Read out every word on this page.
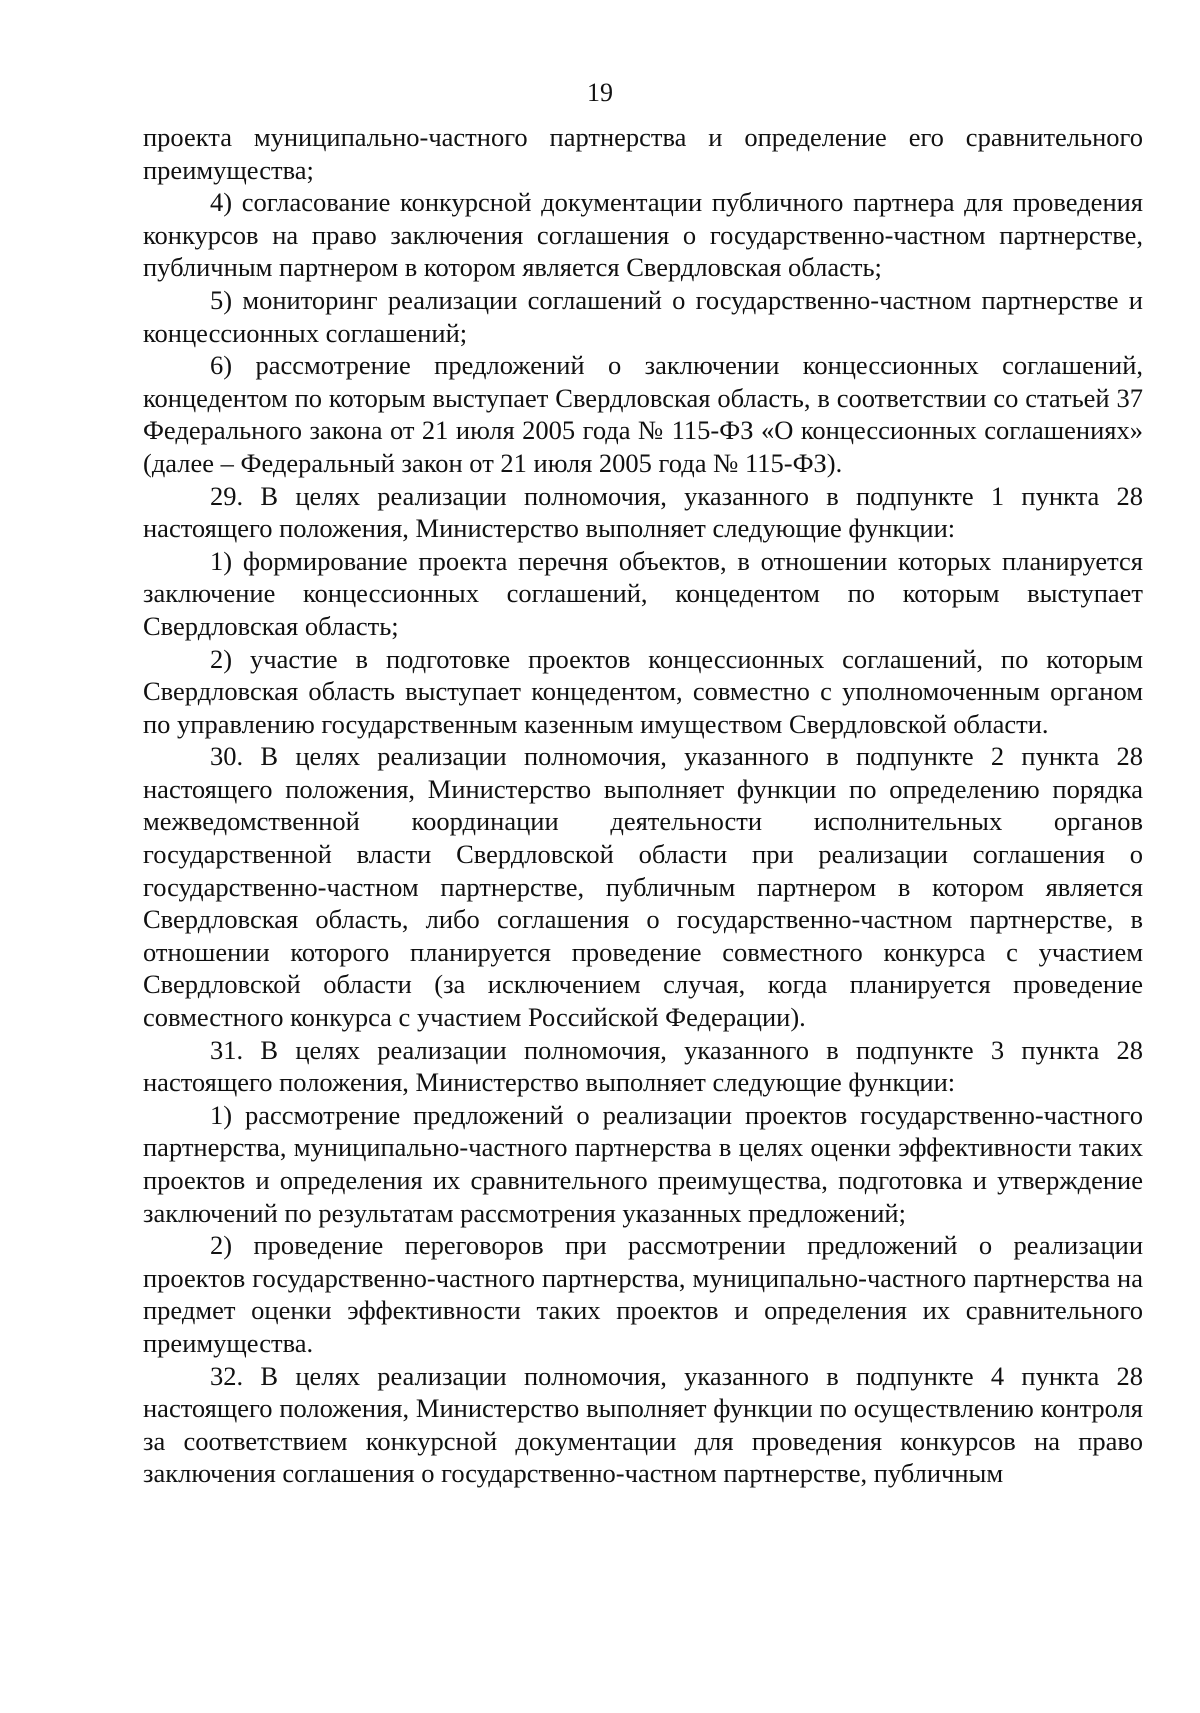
19

проекта муниципально-частного партнерства и определение его сравнительного преимущества;

4) согласование конкурсной документации публичного партнера для проведения конкурсов на право заключения соглашения о государственно-частном партнерстве, публичным партнером в котором является Свердловская область;

5) мониторинг реализации соглашений о государственно-частном партнерстве и концессионных соглашений;

6) рассмотрение предложений о заключении концессионных соглашений, концедентом по которым выступает Свердловская область, в соответствии со статьей 37 Федерального закона от 21 июля 2005 года № 115-ФЗ «О концессионных соглашениях» (далее – Федеральный закон от 21 июля 2005 года № 115-ФЗ).

29. В целях реализации полномочия, указанного в подпункте 1 пункта 28 настоящего положения, Министерство выполняет следующие функции:

1) формирование проекта перечня объектов, в отношении которых планируется заключение концессионных соглашений, концедентом по которым выступает Свердловская область;

2) участие в подготовке проектов концессионных соглашений, по которым Свердловская область выступает концедентом, совместно с уполномоченным органом по управлению государственным казенным имуществом Свердловской области.

30. В целях реализации полномочия, указанного в подпункте 2 пункта 28 настоящего положения, Министерство выполняет функции по определению порядка межведомственной координации деятельности исполнительных органов государственной власти Свердловской области при реализации соглашения о государственно-частном партнерстве, публичным партнером в котором является Свердловская область, либо соглашения о государственно-частном партнерстве, в отношении которого планируется проведение совместного конкурса с участием Свердловской области (за исключением случая, когда планируется проведение совместного конкурса с участием Российской Федерации).

31. В целях реализации полномочия, указанного в подпункте 3 пункта 28 настоящего положения, Министерство выполняет следующие функции:

1) рассмотрение предложений о реализации проектов государственно-частного партнерства, муниципально-частного партнерства в целях оценки эффективности таких проектов и определения их сравнительного преимущества, подготовка и утверждение заключений по результатам рассмотрения указанных предложений;

2) проведение переговоров при рассмотрении предложений о реализации проектов государственно-частного партнерства, муниципально-частного партнерства на предмет оценки эффективности таких проектов и определения их сравнительного преимущества.

32. В целях реализации полномочия, указанного в подпункте 4 пункта 28 настоящего положения, Министерство выполняет функции по осуществлению контроля за соответствием конкурсной документации для проведения конкурсов на право заключения соглашения о государственно-частном партнерстве, публичным
